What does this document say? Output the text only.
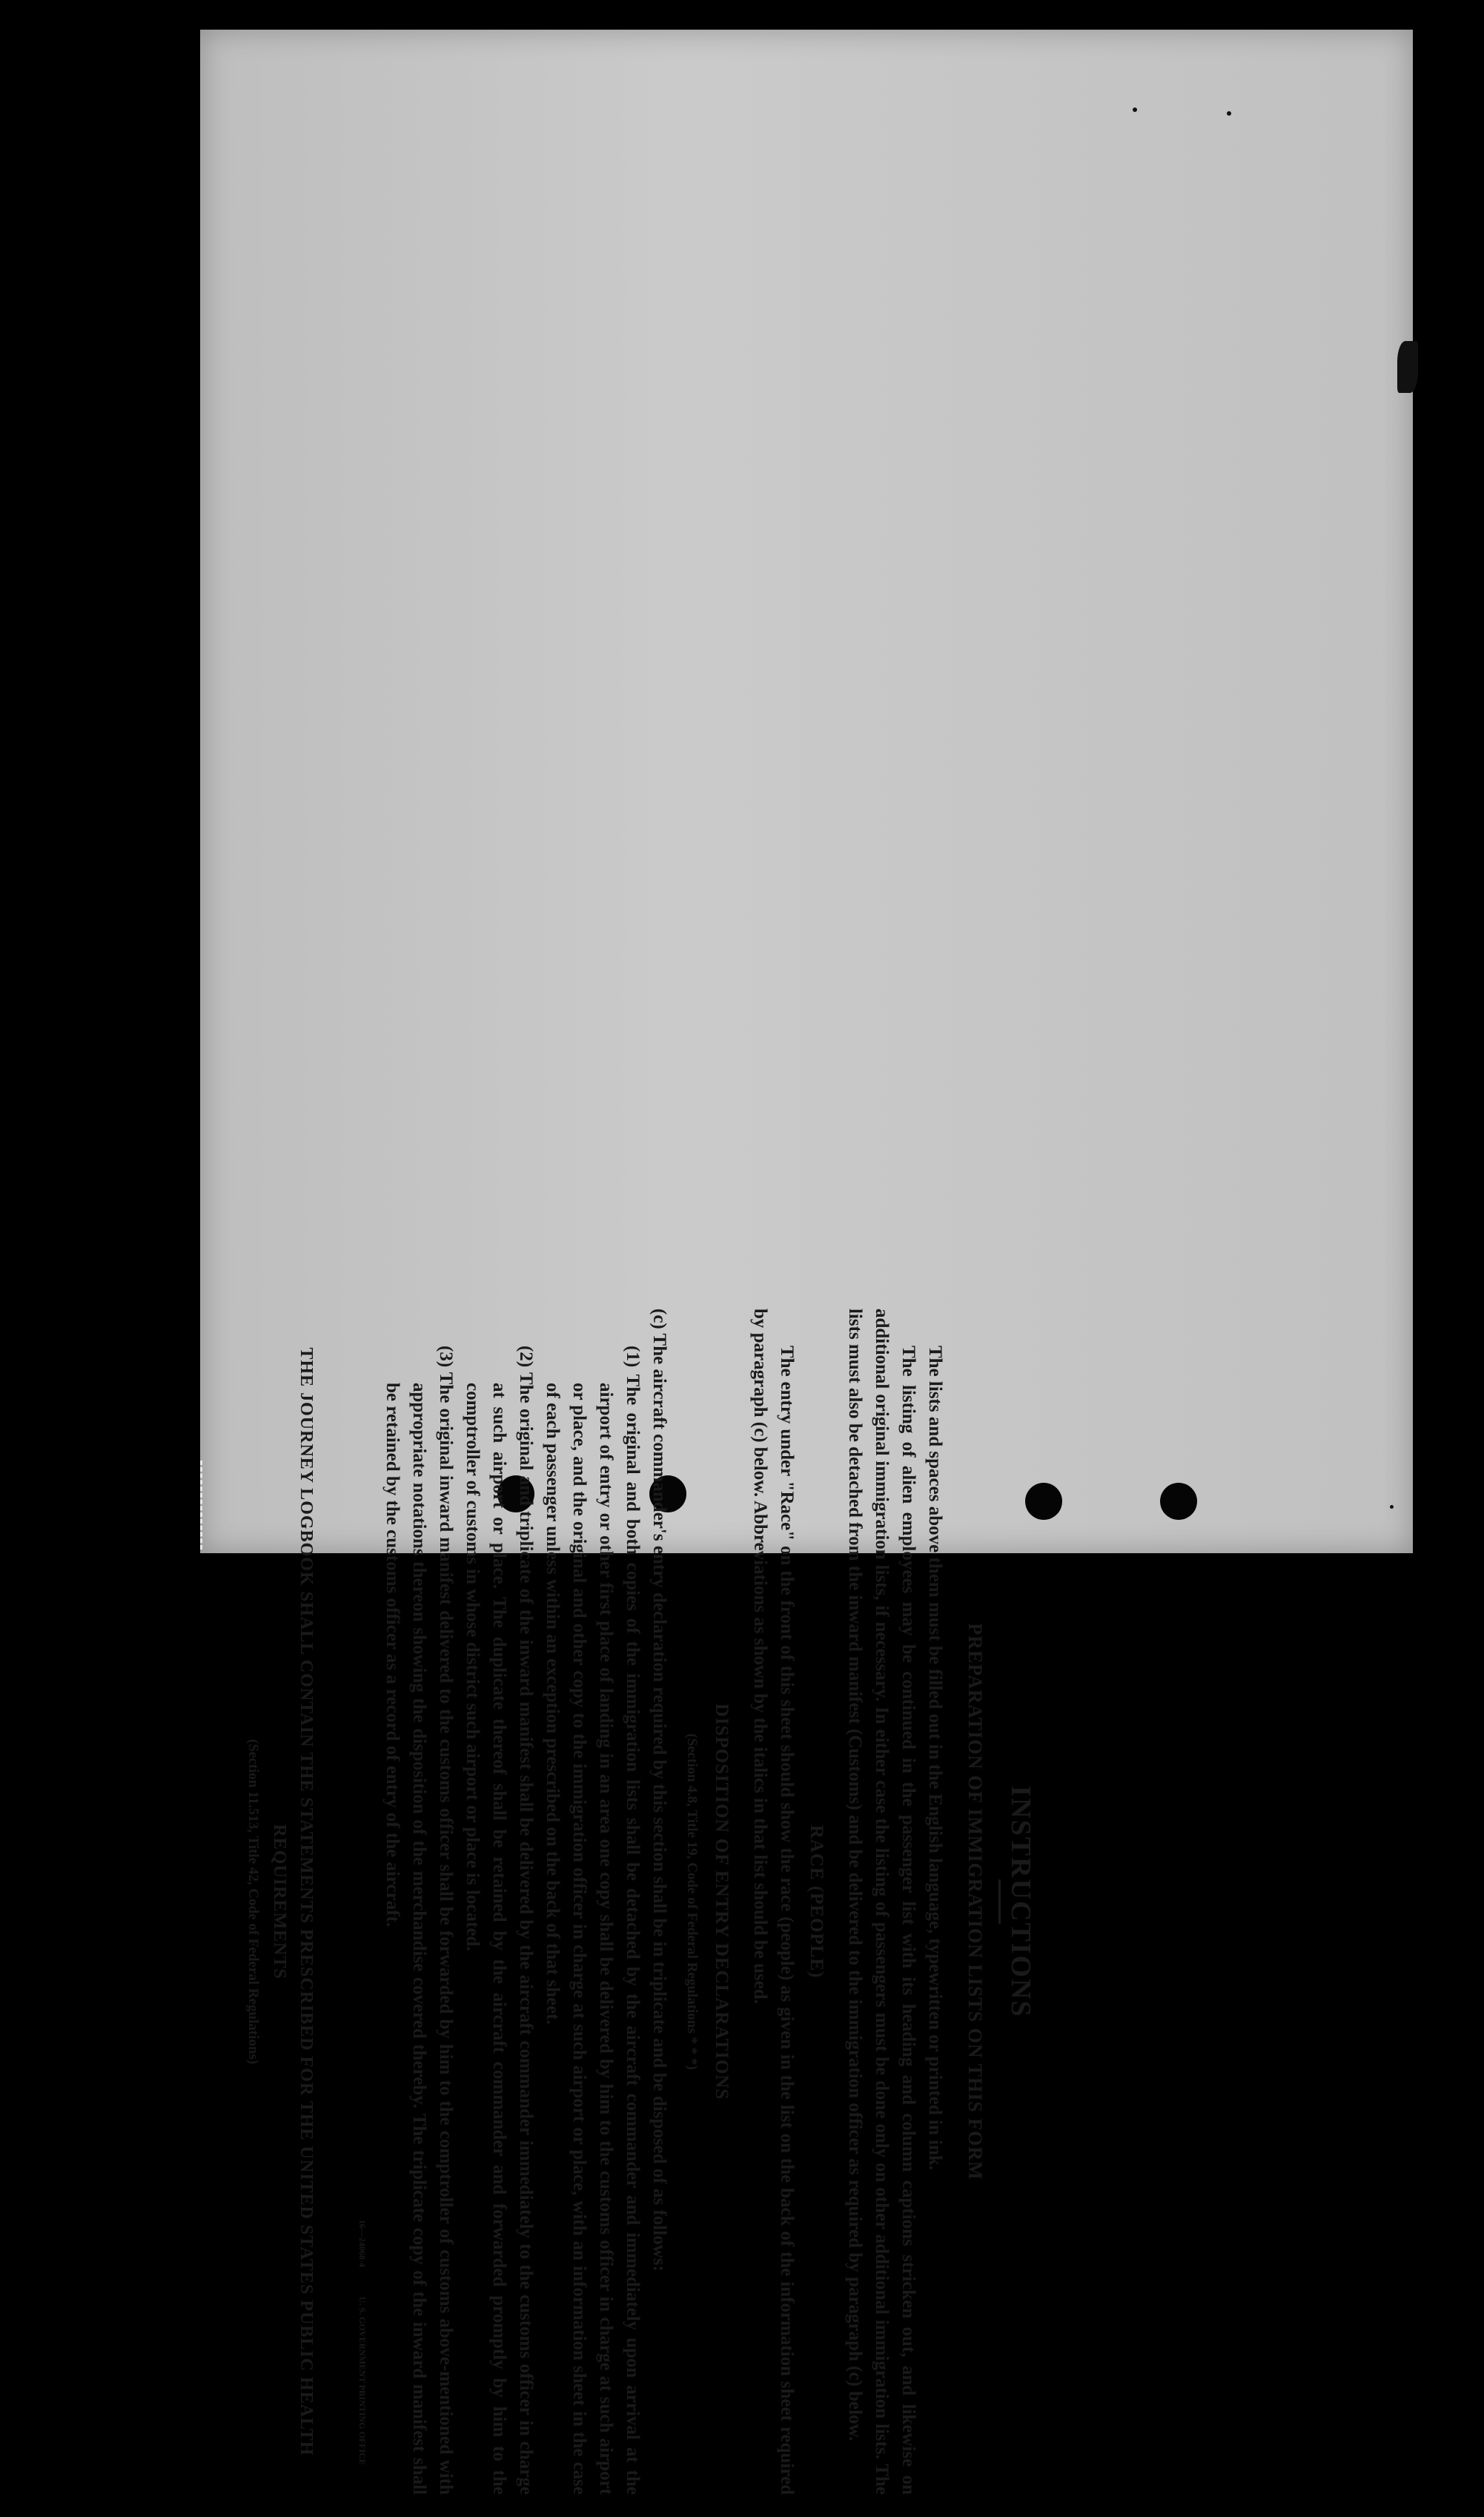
INSTRUCTIONS
PREPARATION OF IMMIGRATION LISTS ON THIS FORM

The lists and spaces above them must be filled out in the English language, typewritten or printed in ink.

The listing of alien employees may be continued in the passenger list with its heading and column captions stricken out, and likewise on additional original immigration lists, if necessary. In either case the listing of passengers must be done only on other additional immigration lists. The lists must also be detached from the inward manifest (Customs) and be delivered to the immigration officer as required by paragraph (c) below.

RACE (PEOPLE)

The entry under "Race" on the front of this sheet should show the race (people) as given in the list on the back of the information sheet required by paragraph (c) below. Abbreviations as shown by the italics in that list should be used.

DISPOSITION OF ENTRY DECLARATIONS
(Section 4.8, Title 19, Code of Federal Regulations * * *)

(c) The aircraft commander's entry declaration required by this section shall be in triplicate and be disposed of as follows:

(1) The original and both copies of the immigration lists shall be detached by the aircraft commander and immediately upon arrival at the airport of entry or other first place of landing in an area one copy shall be delivered by him to the customs officer in charge at such airport or place, and the original and other copy to the immigration officer in charge at such airport or place, with an information sheet in the case of each passenger unless within an exception prescribed on the back of that sheet.

(2) The original and triplicate of the inward manifest shall be delivered by the aircraft commander immediately to the customs officer in charge at such airport or place. The duplicate thereof shall be retained by the aircraft commander and forwarded promptly by him to the comptroller of customs in whose district such airport or place is located.

(3) The original inward manifest delivered to the customs officer shall be forwarded by him to the comptroller of customs above-mentioned with appropriate notations thereon showing the disposition of the merchandise covered thereby. The triplicate copy of the inward manifest shall be retained by the customs officer as a record of entry of the aircraft.

16—24068-4
U. S. GOVERNMENT PRINTING OFFICE
THE JOURNEY LOGBOOK SHALL CONTAIN THE STATEMENTS PRESCRIBED FOR THE UNITED STATES PUBLIC HEALTH REQUIREMENTS
(Section 11.513, Title 42, Code of Federal Regulations)
